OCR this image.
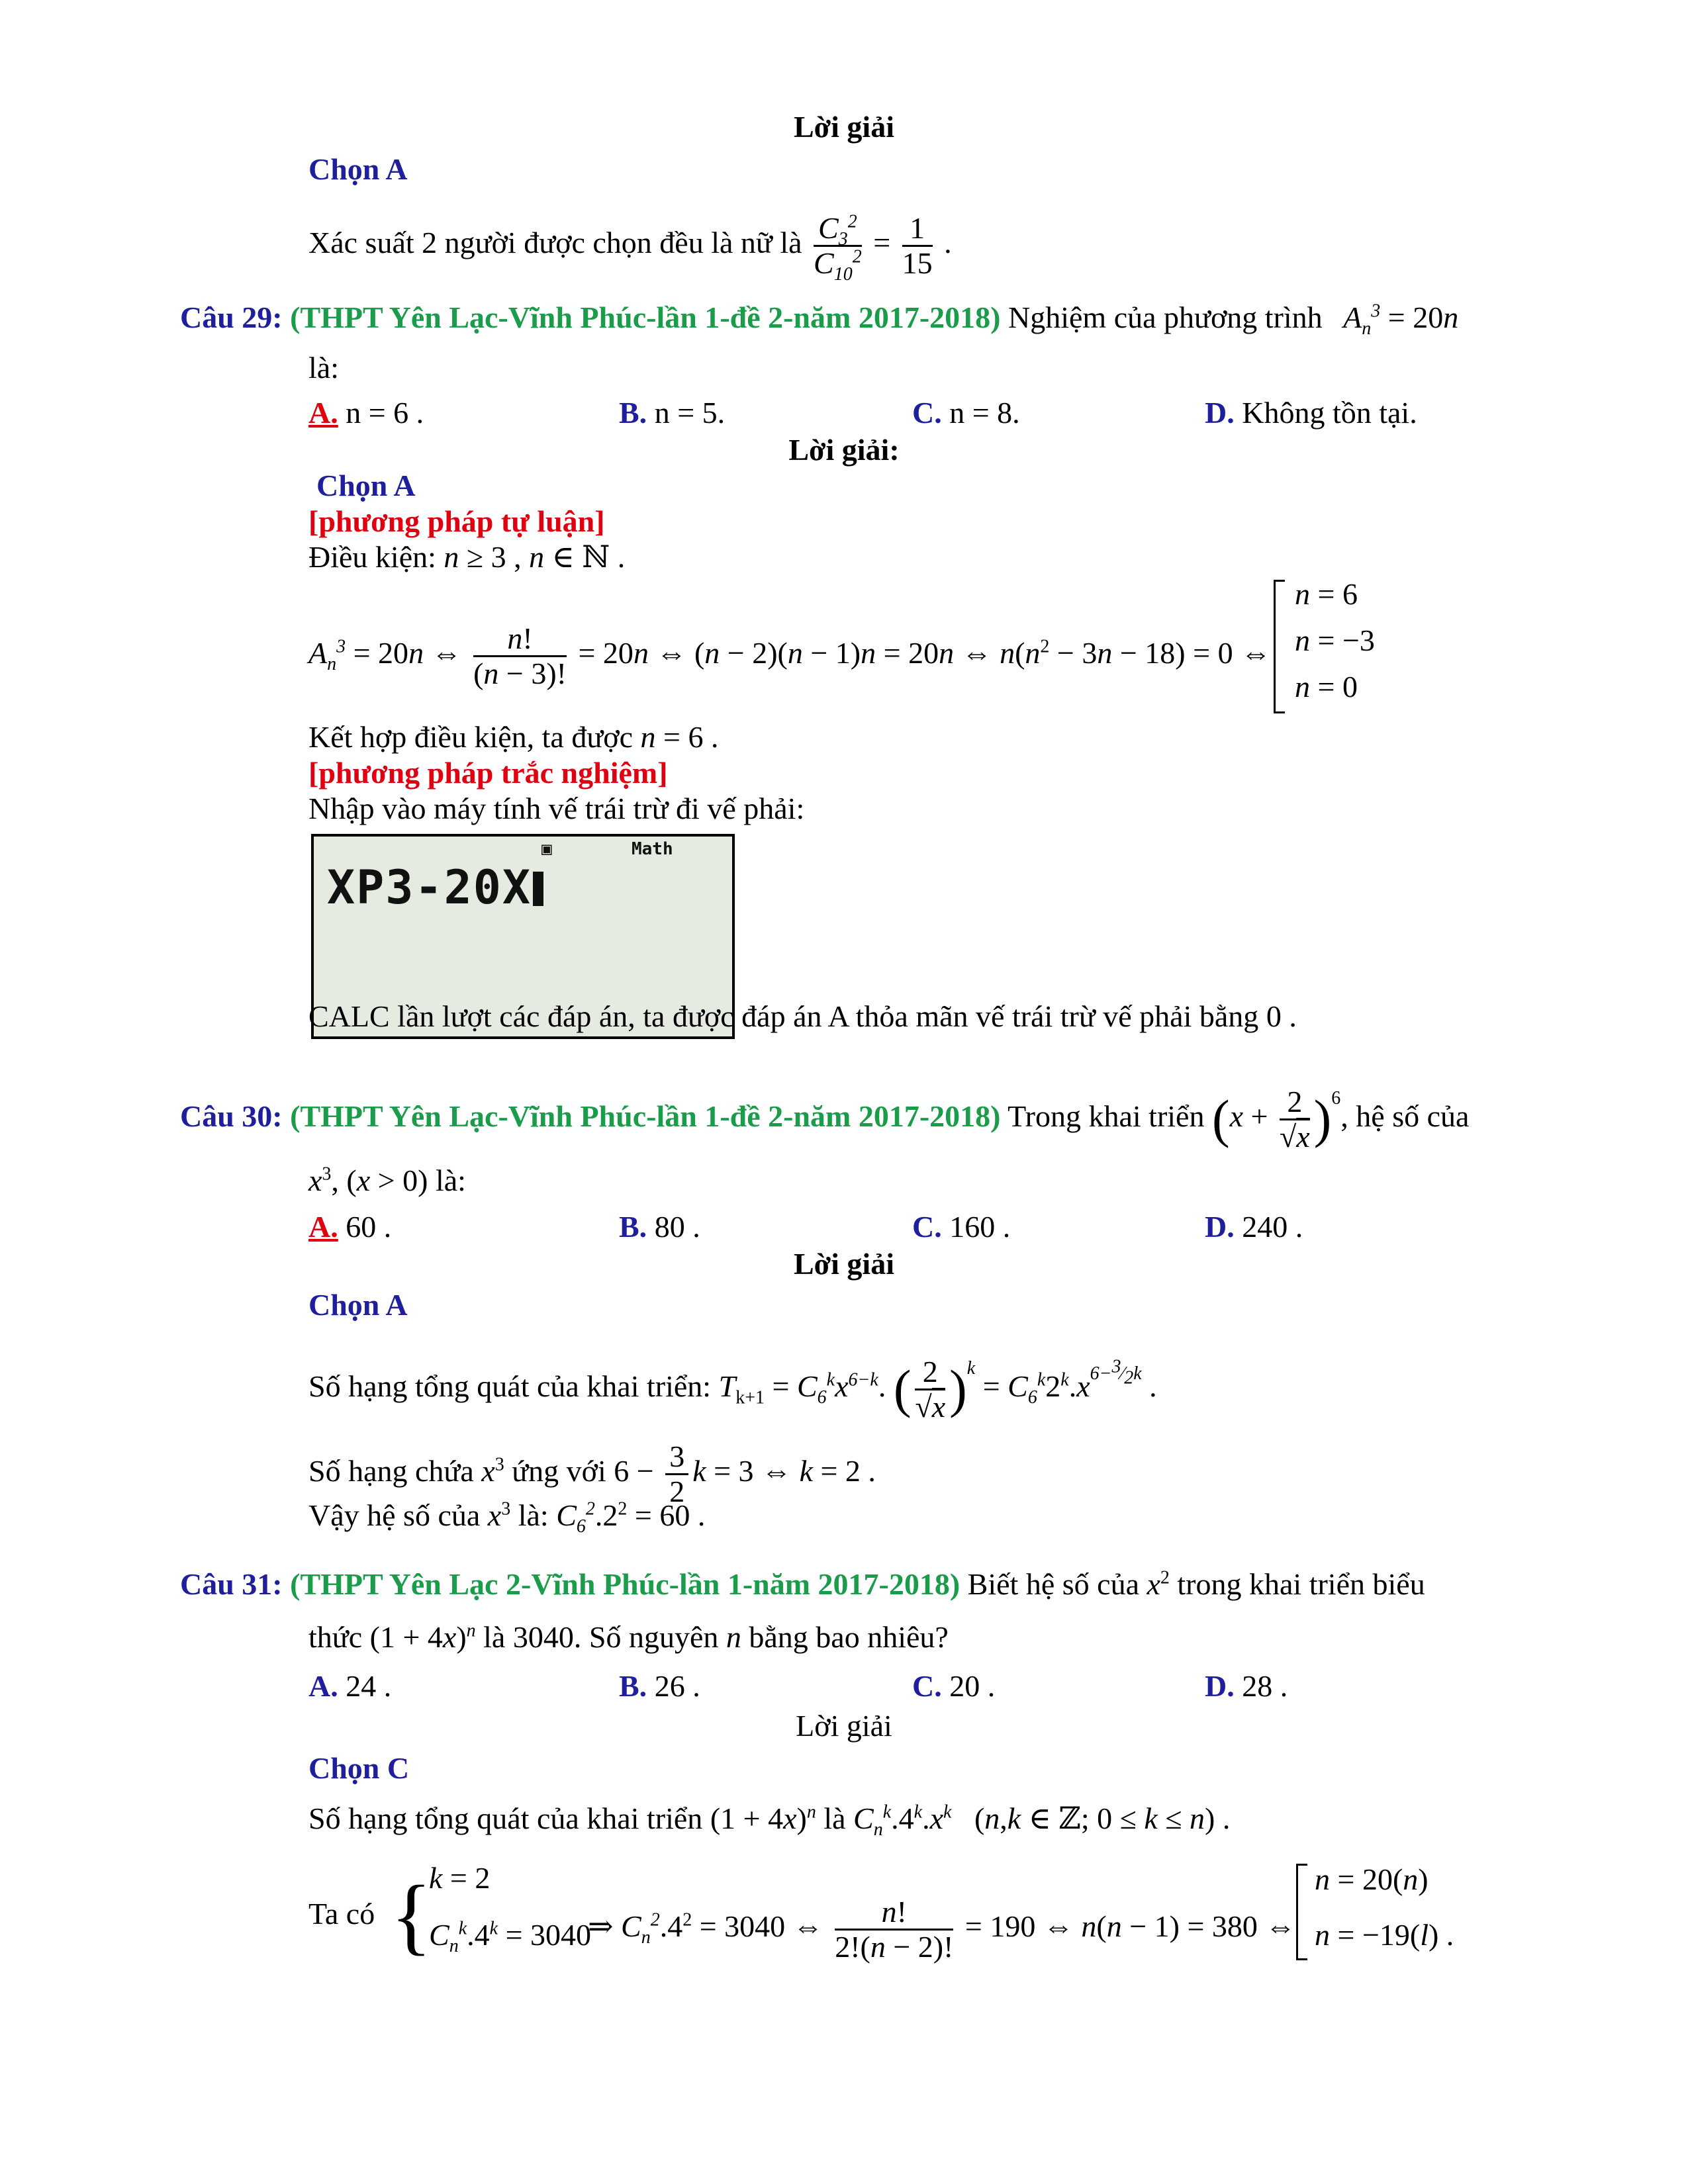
Lời giải
Chọn A
Xác suất 2 người được chọn đều là nữ là $\frac{C_3^2}{C_{10}^2} = \frac{1}{15}$ .
Câu 29: (THPT Yên Lạc-Vĩnh Phúc-lần 1-đề 2-năm 2017-2018) Nghiệm của phương trình $A_n^3 = 20n$
là:
A. n = 6 .	B. n = 5.	C. n = 8.	D. Không tồn tại.
Lời giải:
Chọn A
[phương pháp tự luận]
Điều kiện: n ≥ 3 , n ∈ ℕ .
$A_n^3 = 20n$ ⇔ $\frac{n!}{(n - 3)!} = 20n$ ⇔ (n − 2)(n − 1)n = 20n ⇔ $n(n^2 - 3n - 18) = 0$ ⇔
n = 6
n = −3
n = 0
Kết hợp điều kiện, ta được n = 6 .
[phương pháp trắc nghiệm]
Nhập vào máy tính vế trái trừ đi vế phải:
▣	Math
XP3-20X
CALC lần lượt các đáp án, ta được đáp án A thỏa mãn vế trái trừ vế phải bằng 0 .
Câu 30: (THPT Yên Lạc-Vĩnh Phúc-lần 1-đề 2-năm 2017-2018) Trong khai triển $(x + \frac{2}{√x} )^6$, hệ số của
$x^3$, (x > 0) là:
A. 60 .	B. 80 .	C. 160 .	D. 240 .
Lời giải
Chọn A
Số hạng tổng quát của khai triển: $T_{k+1} = C_6^kx^{6-k}$. ( $\frac{2}{√x} )^k = C_6^k2^k.x^{6-^3⁄_2k}$ .
Số hạng chứa $x^3$ ứng với $6 - \frac{3}{2}$ k = 3 ⇔ k = 2 .
Vậy hệ số của $x^3$ là: $C_6^2.2^2 = 60$ .
Câu 31: (THPT Yên Lạc 2-Vĩnh Phúc-lần 1-năm 2017-2018) Biết hệ số của $x^2$ trong khai triển biểu
thức $(1 + 4x)^n$ là 3040. Số nguyên n bằng bao nhiêu?
A. 24 .	B. 26 .	C. 20 .	D. 28 .
Lời giải
Chọn C
Số hạng tổng quát của khai triển $(1 + 4x)^n$ là $C_n^k.4^k.x^k$   (n,k ∈ ℤ; 0 ≤ k ≤ n) .
Ta có {
k = 2
$C_n^k.4^k = 3040$
⇒ $C_n^2.4^2 = 3040$ ⇔ $\frac{n!}{2!(n - 2)!} = 190$ ⇔ n(n − 1) = 380 ⇔
n = 20(n)
n = −19(l) .
